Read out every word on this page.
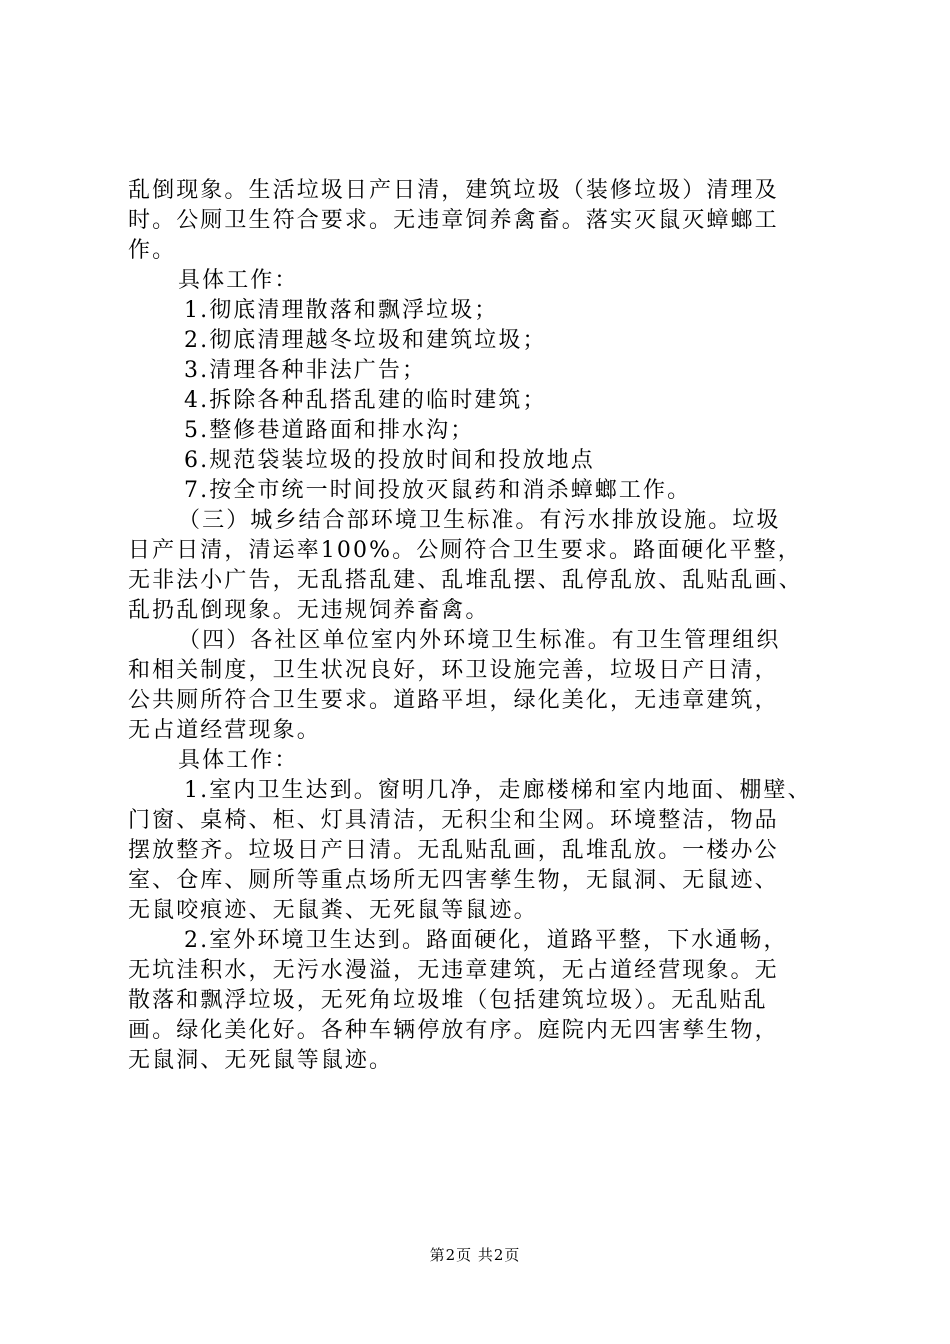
乱倒现象。生活垃圾日产日清，建筑垃圾（装修垃圾）清理及
时。公厕卫生符合要求。无违章饲养禽畜。落实灭鼠灭蟑螂工
作。
具体工作：
1.彻底清理散落和飘浮垃圾；
2.彻底清理越冬垃圾和建筑垃圾；
3.清理各种非法广告；
4.拆除各种乱搭乱建的临时建筑；
5.整修巷道路面和排水沟；
6.规范袋装垃圾的投放时间和投放地点
7.按全市统一时间投放灭鼠药和消杀蟑螂工作。
（三）城乡结合部环境卫生标准。有污水排放设施。垃圾
日产日清，清运率100%。公厕符合卫生要求。路面硬化平整，
无非法小广告，无乱搭乱建、乱堆乱摆、乱停乱放、乱贴乱画、
乱扔乱倒现象。无违规饲养畜禽。
（四）各社区单位室内外环境卫生标准。有卫生管理组织
和相关制度，卫生状况良好，环卫设施完善，垃圾日产日清，
公共厕所符合卫生要求。道路平坦，绿化美化，无违章建筑，
无占道经营现象。
具体工作：
1.室内卫生达到。窗明几净，走廊楼梯和室内地面、棚壁、
门窗、桌椅、柜、灯具清洁，无积尘和尘网。环境整洁，物品
摆放整齐。垃圾日产日清。无乱贴乱画，乱堆乱放。一楼办公
室、仓库、厕所等重点场所无四害孳生物，无鼠洞、无鼠迹、
无鼠咬痕迹、无鼠粪、无死鼠等鼠迹。
2.室外环境卫生达到。路面硬化，道路平整，下水通畅，
无坑洼积水，无污水漫溢，无违章建筑，无占道经营现象。无
散落和飘浮垃圾，无死角垃圾堆（包括建筑垃圾）。无乱贴乱
画。绿化美化好。各种车辆停放有序。庭院内无四害孳生物，
无鼠洞、无死鼠等鼠迹。
第2页 共2页
